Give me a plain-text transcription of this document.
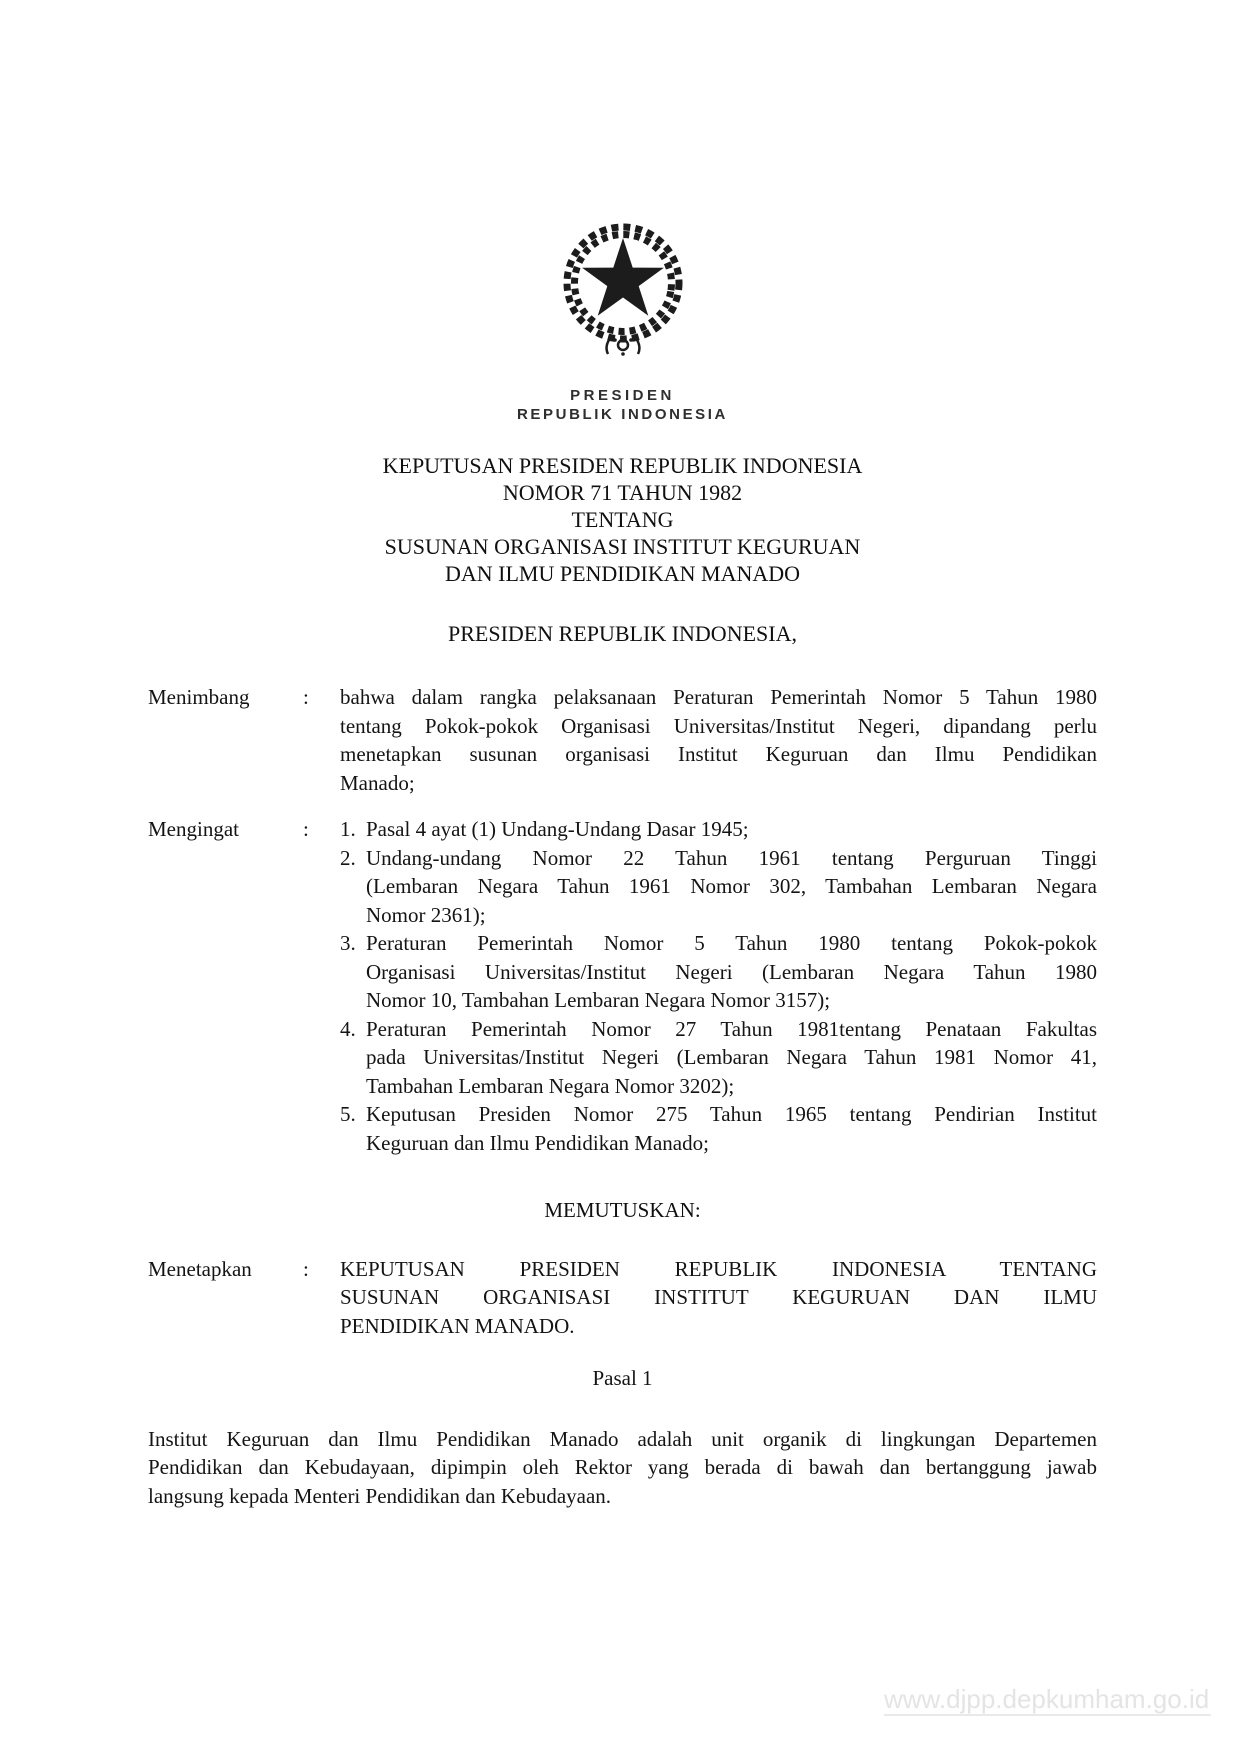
PRESIDEN
REPUBLIK INDONESIA
KEPUTUSAN PRESIDEN REPUBLIK INDONESIA
NOMOR 71 TAHUN 1982
TENTANG
SUSUNAN ORGANISASI INSTITUT KEGURUAN
DAN ILMU PENDIDIKAN MANADO
PRESIDEN REPUBLIK INDONESIA,
Menimbang	:	bahwa dalam rangka pelaksanaan Peraturan Pemerintah Nomor 5 Tahun 1980
tentang Pokok-pokok Organisasi Universitas/Institut Negeri, dipandang perlu
menetapkan susunan organisasi Institut Keguruan dan Ilmu Pendidikan
Manado;
Mengingat	:	1. Pasal 4 ayat (1) Undang-Undang Dasar 1945;
2. Undang-undang Nomor 22 Tahun 1961 tentang Perguruan Tinggi
(Lembaran Negara Tahun 1961 Nomor 302, Tambahan Lembaran Negara
Nomor 2361);
3. Peraturan Pemerintah Nomor 5 Tahun 1980 tentang Pokok-pokok
Organisasi Universitas/Institut Negeri (Lembaran Negara Tahun 1980
Nomor 10, Tambahan Lembaran Negara Nomor 3157);
4. Peraturan Pemerintah Nomor 27 Tahun 1981tentang Penataan Fakultas
pada Universitas/Institut Negeri (Lembaran Negara Tahun 1981 Nomor 41,
Tambahan Lembaran Negara Nomor 3202);
5. Keputusan Presiden Nomor 275 Tahun 1965 tentang Pendirian Institut
Keguruan dan Ilmu Pendidikan Manado;
MEMUTUSKAN:
Menetapkan	:	KEPUTUSAN PRESIDEN REPUBLIK INDONESIA TENTANG
SUSUNAN ORGANISASI INSTITUT KEGURUAN DAN ILMU
PENDIDIKAN MANADO.
Pasal 1
Institut Keguruan dan Ilmu Pendidikan Manado adalah unit organik di lingkungan Departemen
Pendidikan dan Kebudayaan, dipimpin oleh Rektor yang berada di bawah dan bertanggung jawab
langsung kepada Menteri Pendidikan dan Kebudayaan.
www.djpp.depkumham.go.id
